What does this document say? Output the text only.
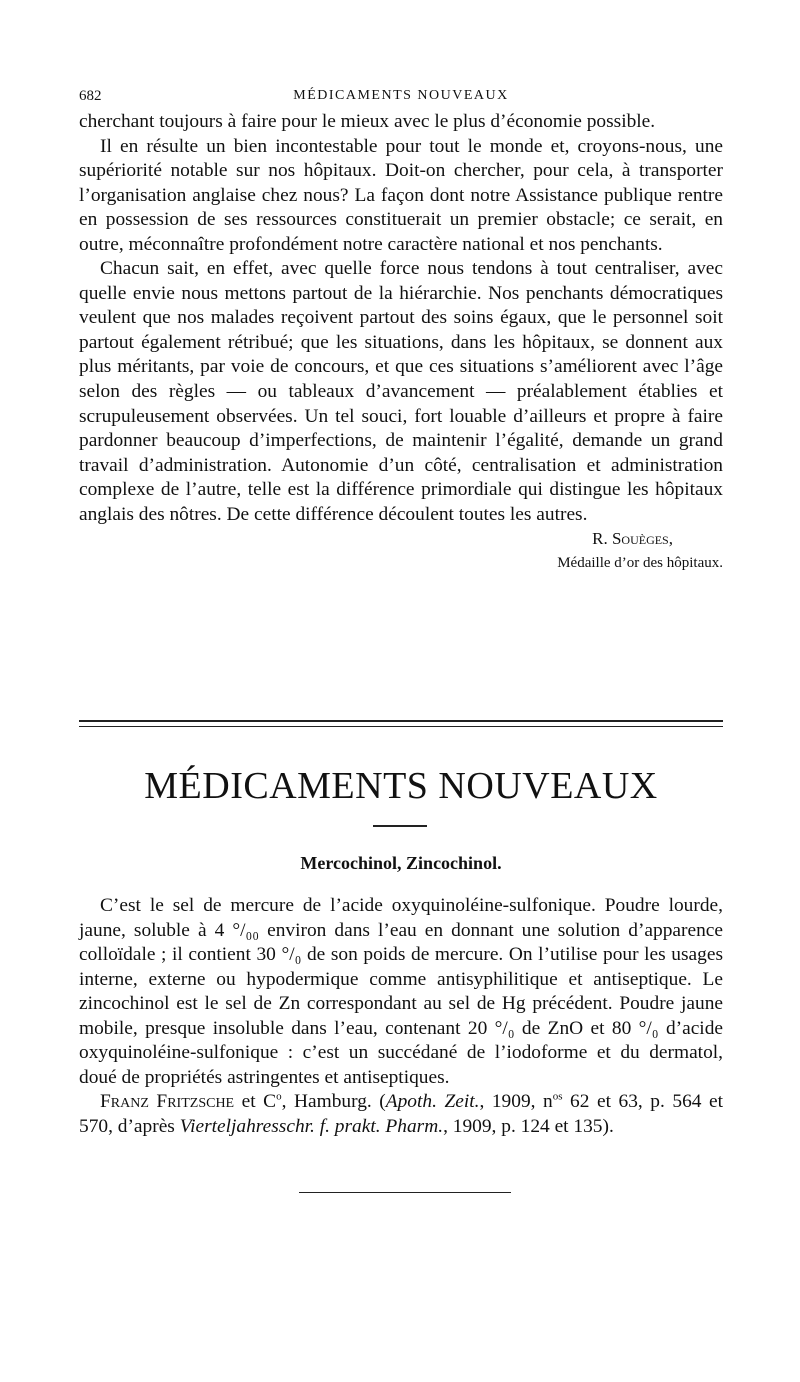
682	MÉDICAMENTS NOUVEAUX

cherchant toujours à faire pour le mieux avec le plus d’économie possible.

Il en résulte un bien incontestable pour tout le monde et, croyons-nous, une supériorité notable sur nos hôpitaux. Doit-on chercher, pour cela, à transporter l’organisation anglaise chez nous? La façon dont notre Assistance publique rentre en possession de ses ressources constituerait un premier obstacle; ce serait, en outre, méconnaître profondément notre caractère national et nos penchants.

Chacun sait, en effet, avec quelle force nous tendons à tout centraliser, avec quelle envie nous mettons partout de la hiérarchie. Nos penchants démocratiques veulent que nos malades reçoivent partout des soins égaux, que le personnel soit partout également rétribué; que les situations, dans les hôpitaux, se donnent aux plus méritants, par voie de concours, et que ces situations s’améliorent avec l’âge selon des règles — ou tableaux d’avancement — préalablement établies et scrupuleusement observées. Un tel souci, fort louable d’ailleurs et propre à faire pardonner beaucoup d’imperfections, de maintenir l’égalité, demande un grand travail d’administration. Autonomie d’un côté, centralisation et administration complexe de l’autre, telle est la différence primordiale qui distingue les hôpitaux anglais des nôtres. De cette différence découlent toutes les autres.

R. Souèges,
Médaille d’or des hôpitaux.

MÉDICAMENTS NOUVEAUX
Mercochinol, Zincochinol.

C’est le sel de mercure de l’acide oxyquinoléine-sulfonique. Poudre lourde, jaune, soluble à 4 °/₀₀ environ dans l’eau en donnant une solution d’apparence colloïdale ; il contient 30 °/₀ de son poids de mercure. On l’utilise pour les usages interne, externe ou hypodermique comme antisyphilitique et antiseptique. Le zincochinol est le sel de Zn correspondant au sel de Hg précédent. Poudre jaune mobile, presque insoluble dans l’eau, contenant 20 °/₀ de ZnO et 80 °/₀ d’acide oxyquinoléine-sulfonique : c’est un succédané de l’iodoforme et du dermatol, doué de propriétés astringentes et antiseptiques.

Franz Fritzsche et $C^o$, Hamburg. (Apoth. Zeit., 1909, $n^{os}$ 62 et 63, p. 564 et 570, d’après Vierteljahresschr. f. prakt. Pharm., 1909, p. 124 et 135).
